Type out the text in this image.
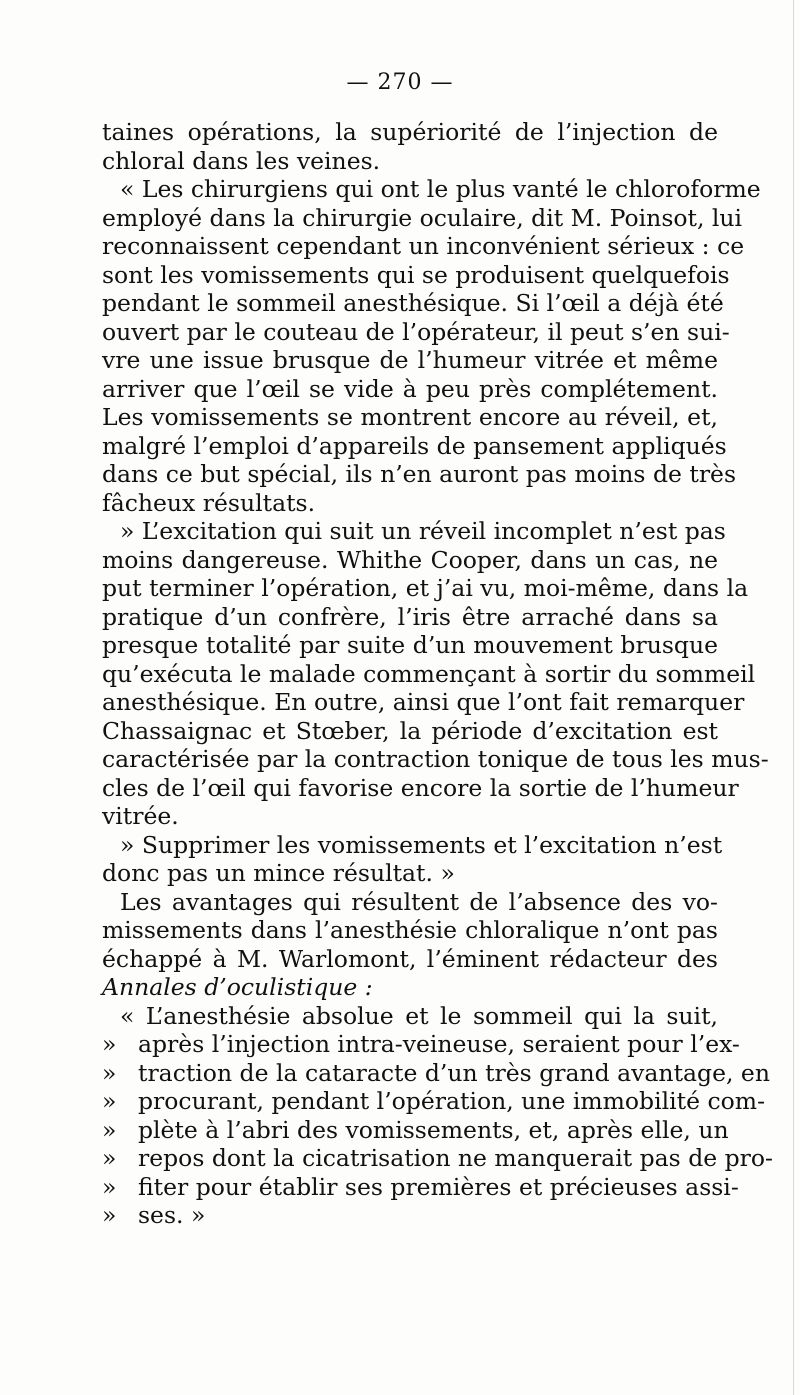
— 270 —
taines opérations, la supériorité de l’injection de
chloral dans les veines.
« Les chirurgiens qui ont le plus vanté le chloroforme
employé dans la chirurgie oculaire, dit M. Poinsot, lui
reconnaissent cependant un inconvénient sérieux : ce
sont les vomissements qui se produisent quelquefois
pendant le sommeil anesthésique. Si l’œil a déjà été
ouvert par le couteau de l’opérateur, il peut s’en sui-
vre une issue brusque de l’humeur vitrée et même
arriver que l’œil se vide à peu près complétement.
Les vomissements se montrent encore au réveil, et,
malgré l’emploi d’appareils de pansement appliqués
dans ce but spécial, ils n’en auront pas moins de très
fâcheux résultats.
» L’excitation qui suit un réveil incomplet n’est pas
moins dangereuse. Whithe Cooper, dans un cas, ne
put terminer l’opération, et j’ai vu, moi-même, dans la
pratique d’un confrère, l’iris être arraché dans sa
presque totalité par suite d’un mouvement brusque
qu’exécuta le malade commençant à sortir du sommeil
anesthésique. En outre, ainsi que l’ont fait remarquer
Chassaignac et Stœber, la période d’excitation est
caractérisée par la contraction tonique de tous les mus-
cles de l’œil qui favorise encore la sortie de l’humeur
vitrée.
» Supprimer les vomissements et l’excitation n’est
donc pas un mince résultat. »
Les avantages qui résultent de l’absence des vo-
missements dans l’anesthésie chloralique n’ont pas
échappé à M. Warlomont, l’éminent rédacteur des
Annales d’oculistique :
« L’anesthésie absolue et le sommeil qui la suit,
» après l’injection intra-veineuse, seraient pour l’ex-
» traction de la cataracte d’un très grand avantage, en
» procurant, pendant l’opération, une immobilité com-
» plète à l’abri des vomissements, et, après elle, un
» repos dont la cicatrisation ne manquerait pas de pro-
» fiter pour établir ses premières et précieuses assi-
» ses. »
